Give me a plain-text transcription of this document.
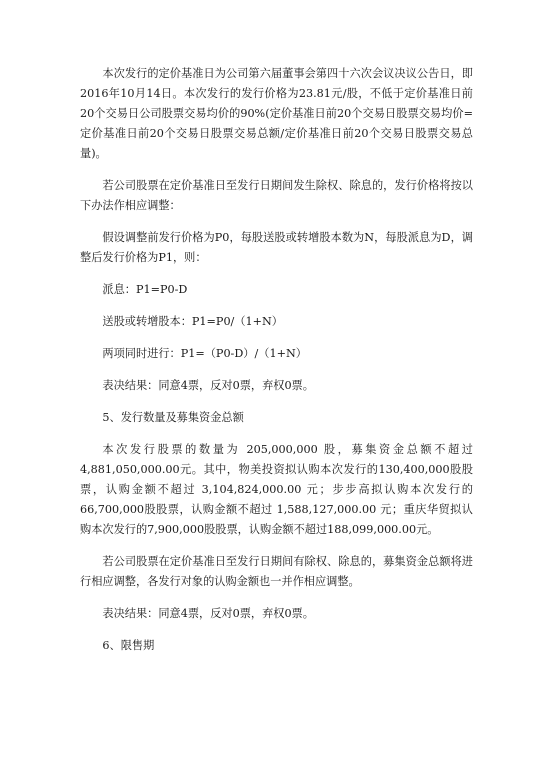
本次发行的定价基准日为公司第六届董事会第四十六次会议决议公告日，即2016年10月14日。本次发行的发行价格为23.81元/股，不低于定价基准日前20个交易日公司股票交易均价的90%(定价基准日前20个交易日股票交易均价=定价基准日前20个交易日股票交易总额/定价基准日前20个交易日股票交易总量)。

若公司股票在定价基准日至发行日期间发生除权、除息的，发行价格将按以下办法作相应调整：

假设调整前发行价格为P0，每股送股或转增股本数为N，每股派息为D，调整后发行价格为P1，则：

派息：P1=P0-D

送股或转增股本：P1=P0/（1+N）

两项同时进行：P1=（P0-D）/（1+N）

表决结果：同意4票，反对0票，弃权0票。

5、发行数量及募集资金总额

本次发行股票的数量为 205,000,000 股，募集资金总额不超过4,881,050,000.00元。其中，物美投资拟认购本次发行的130,400,000股股票，认购金额不超过 3,104,824,000.00 元；步步高拟认购本次发行的 66,700,000股股票，认购金额不超过 1,588,127,000.00 元；重庆华贸拟认购本次发行的7,900,000股股票，认购金额不超过188,099,000.00元。

若公司股票在定价基准日至发行日期间有除权、除息的，募集资金总额将进行相应调整，各发行对象的认购金额也一并作相应调整。

表决结果：同意4票，反对0票，弃权0票。

6、限售期
